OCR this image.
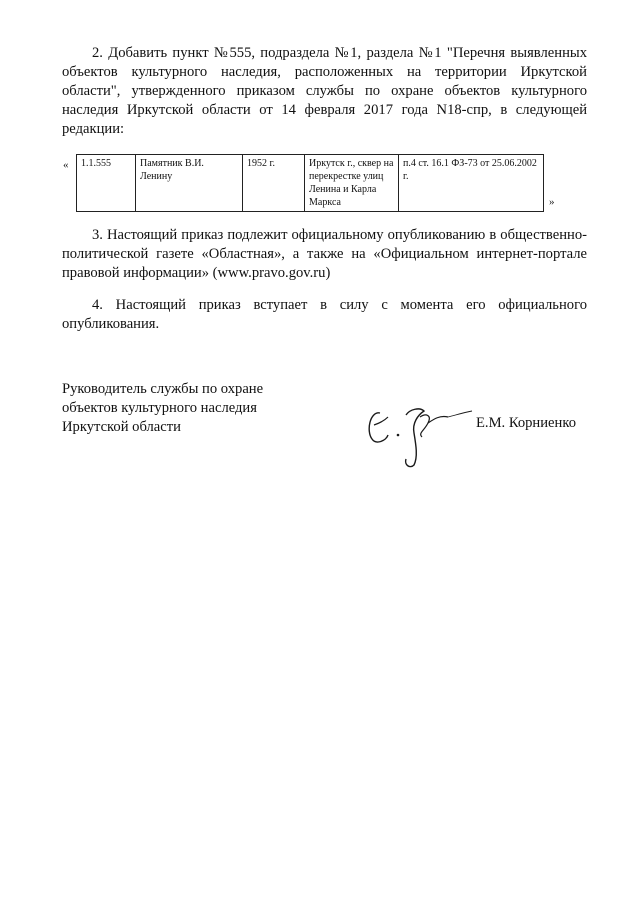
2. Добавить пункт №555, подраздела №1, раздела №1 "Перечня выявленных объектов культурного наследия, расположенных на территории Иркутской области", утвержденного приказом службы по охране объектов культурного наследия Иркутской области от 14 февраля 2017 года N18-спр, в следующей редакции:

« 1.1.555	Памятник В.И. Ленину	1952 г.	Иркутск г., сквер на перекрестке улиц Ленина и Карла Маркса	п.4 ст. 16.1 ФЗ-73 от 25.06.2002 г.
»

3. Настоящий приказ подлежит официальному опубликованию в общественно-политической газете «Областная», а также на «Официальном интернет-портале правовой информации» (www.pravo.gov.ru)

4. Настоящий приказ вступает в силу с момента его официального опубликования.

Руководитель службы по охране
объектов культурного наследия
Иркутской области	Е.М. Корниенко
